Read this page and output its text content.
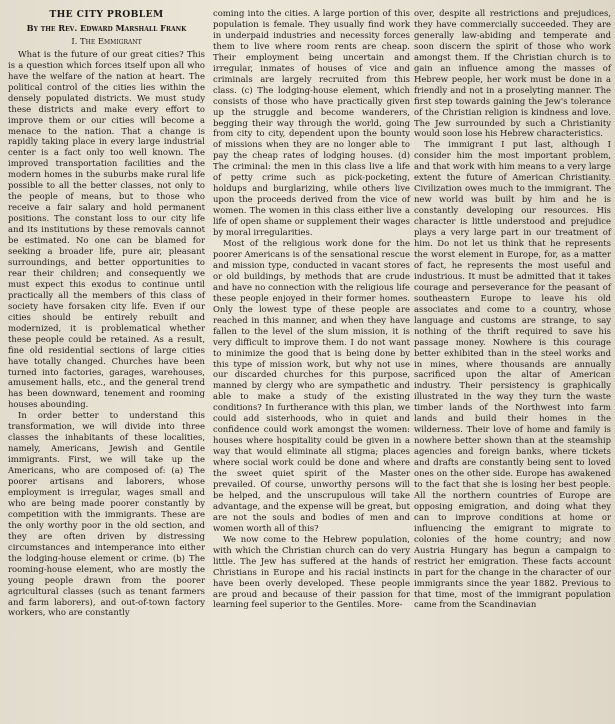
THE CITY PROBLEM
By the Rev. Edward Marshall Frank
I. The Emmigrant

What is the future of our great cities? This is a question which forces itself upon all who have the welfare of the nation at heart. The political control of the cities lies within the densely populated districts. We must study these districts and make every effort to improve them or our cities will become a menace to the nation. That a change is rapidly taking place in every large industrial center is a fact only too well known. The improved transportation facilities and the modern homes in the suburbs make rural life possible to all the better classes, not only to the people of means, but to those who receive a fair salary and hold permanent positions. The constant loss to our city life and its institutions by these removals cannot be estimated. No one can be blamed for seeking a broader life, pure air, pleasant surroundings, and better opportunities to rear their children; and consequently we must expect this exodus to continue until practically all the members of this class of society have forsaken city life. Even if our cities should be entirely rebuilt and modernized, it is problematical whether these people could be retained. As a result, fine old residential sections of large cities have totally changed. Churches have been turned into factories, garages, warehouses, amusement halls, etc., and the general trend has been downward, tenement and rooming houses abounding.

In order better to understand this transformation, we will divide into three classes the inhabitants of these localities, namely, Americans, Jewish and Gentile immigrants. First, we will take up the Americans, who are composed of: (a) The poorer artisans and laborers, whose employment is irregular, wages small and who are being made poorer constantly by competition with the immigrants. These are the only worthy poor in the old section, and they are often driven by distressing circumstances and intemperance into either the lodging-house element or crime. (b) The rooming-house element, who are mostly the young people drawn from the poorer agricultural classes (such as tenant farmers and farm laborers), and out-of-town factory workers, who are constantly

coming into the cities. A large portion of this population is female. They usually find work in underpaid industries and necessity forces them to live where room rents are cheap. Their employment being uncertain and irregular, inmates of houses of vice and criminals are largely recruited from this class. (c) The lodging-house element, which consists of those who have practically given up the struggle and become wanderers, begging their way through the world, going from city to city, dependent upon the bounty of missions when they are no longer able to pay the cheap rates of lodging houses. (d) The criminal: the men in this class live a life of petty crime such as pick-pocketing, holdups and burglarizing, while others live upon the proceeds derived from the vice of women. The women in this class either live a life of open shame or supplement their wages by moral irregularities.

Most of the religious work done for the poorer Americans is of the sensational rescue and mission type, conducted in vacant stores or old buildings, by methods that are crude and have no connection with the religious life these people enjoyed in their former homes. Only the lowest type of these people are reached in this manner, and when they have fallen to the level of the slum mission, it is very difficult to improve them. I do not want to minimize the good that is being done by this type of mission work, but why not use our discarded churches for this purpose, manned by clergy who are sympathetic and able to make a study of the existing conditions? In furtherance with this plan, we could add sisterhoods, who in quiet and confidence could work amongst the women: houses where hospitality could be given in a way that would eliminate all stigma; places where social work could be done and where the sweet quiet spirit of the Master prevailed. Of course, unworthy persons will be helped, and the unscrupulous will take advantage, and the expense will be great, but are not the souls and bodies of men and women worth all of this?

We now come to the Hebrew population, with which the Christian church can do very little. The Jew has suffered at the hands of Christians in Europe and his racial instincts have been overly developed. These people are proud and because of their passion for learning feel superior to the Gentiles. More-

over, despite all restrictions and prejudices, they have commercially succeeded. They are generally law-abiding and temperate and soon discern the spirit of those who work amongst them. If the Christian church is to gain an influence among the masses of Hebrew people, her work must be done in a friendly and not in a proselyting manner. The first step towards gaining the Jew's tolerance of the Christian religion is kindness and love. The Jew surrounded by such a Christianity would soon lose his Hebrew characteristics.

The immigrant I put last, although I consider him the most important problem, and that work with him means to a very large extent the future of American Christianity. Civilization owes much to the immigrant. The new world was built by him and he is constantly developing our resources. His character is little understood and prejudice plays a very large part in our treatment of him. Do not let us think that he represents the worst element in Europe, for, as a matter of fact, he represents the most useful and industrious. It must be admitted that it takes courage and perseverance for the peasant of southeastern Europe to leave his old associates and come to a country, whose language and customs are strange, to say nothing of the thrift required to save his passage money. Nowhere is this courage better exhibited than in the steel works and in mines, where thousands are annually sacrificed upon the altar of American industry. Their persistency is graphically illustrated in the way they turn the waste timber lands of the Northwest into farm lands and build their homes in the wilderness. Their love of home and family is nowhere better shown than at the steamship agencies and foreign banks, where tickets and drafts are constantly being sent to loved ones on the other side. Europe has awakened to the fact that she is losing her best people. All the northern countries of Europe are opposing emigration, and doing what they can to improve conditions at home or influencing the emigrant to migrate to colonies of the home country; and now Austria Hungary has begun a campaign to restrict her emigration. These facts account in part for the change in the character of our immigrants since the year 1882. Previous to that time, most of the immigrant population came from the Scandinavian
